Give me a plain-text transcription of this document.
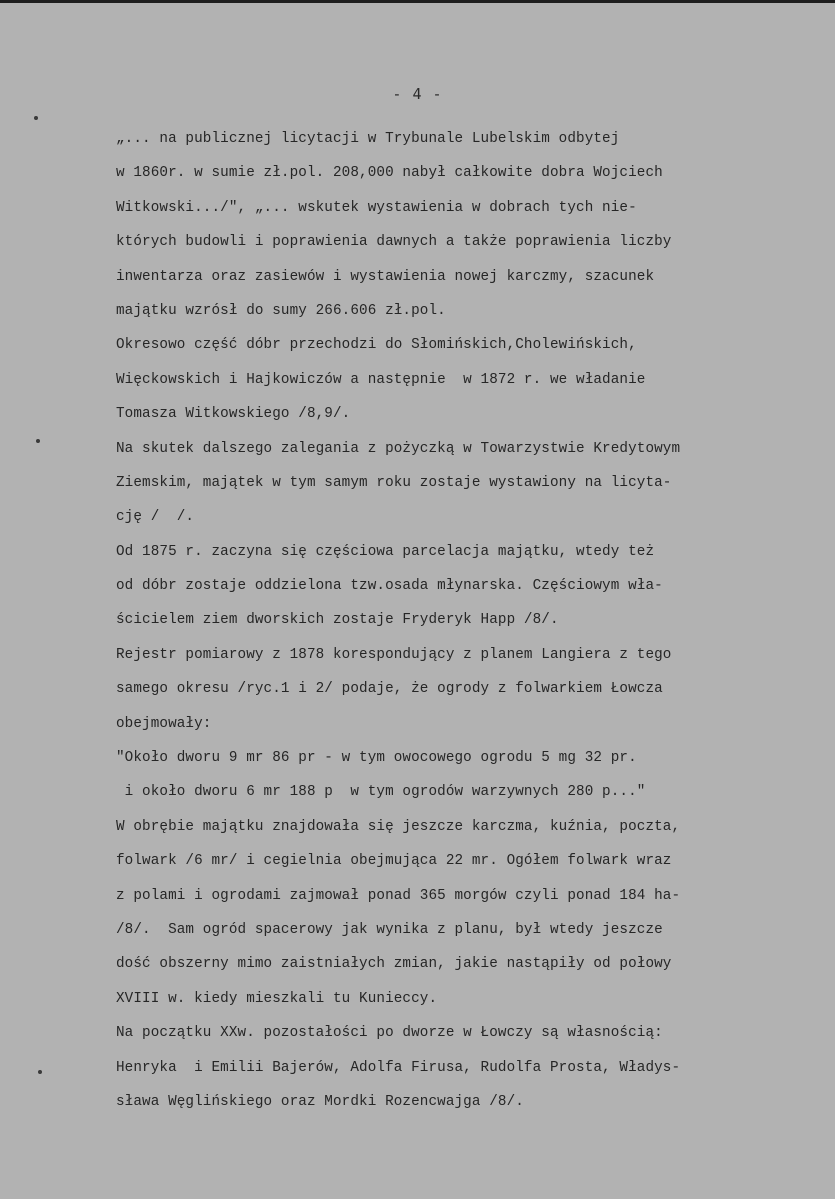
- 4 -
„... na publicznej licytacji w Trybunale Lubelskim odbytej
w 1860r. w sumie zł.pol. 208,000 nabył całkowite dobra Wojciech
Witkowski.../", „... wskutek wystawienia w dobrach tych nie-
których budowli i poprawienia dawnych a także poprawienia liczby
inwentarza oraz zasiewów i wystawienia nowej karczmy, szacunek
majątku wzrósł do sumy 266.606 zł.pol.
Okresowo część dóbr przechodzi do Słomińskich,Cholewińskich,
Więckowskich i Hajkowiczów a następnie  w 1872 r. we władanie
Tomasza Witkowskiego /8,9/.
Na skutek dalszego zalegania z pożyczką w Towarzystwie Kredytowym
Ziemskim, majątek w tym samym roku zostaje wystawiony na licyta-
cję /  /.
Od 1875 r. zaczyna się częściowa parcelacja majątku, wtedy też
od dóbr zostaje oddzielona tzw.osada młynarska. Częściowym wła-
ścicielem ziem dworskich zostaje Fryderyk Happ /8/.
Rejestr pomiarowy z 1878 korespondujący z planem Langiera z tego
samego okresu /ryc.1 i 2/ podaje, że ogrody z folwarkiem Łowcza
obejmowały:
"Około dworu 9 mr 86 pr - w tym owocowego ogrodu 5 mg 32 pr.
i około dworu 6 mr 188 p  w tym ogrodów warzywnych 280 p..."
W obrębie majątku znajdowała się jeszcze karczma, kuźnia, poczta,
folwark /6 mr/ i cegielnia obejmująca 22 mr. Ogółem folwark wraz
z polami i ogrodami zajmował ponad 365 morgów czyli ponad 184 ha-
/8/.  Sam ogród spacerowy jak wynika z planu, był wtedy jeszcze
dość obszerny mimo zaistniałych zmian, jakie nastąpiły od połowy
XVIII w. kiedy mieszkali tu Kunieccy.
Na początku XXw. pozostałości po dworze w Łowczy są własnością:
Henryka  i Emilii Bajerów, Adolfa Firusa, Rudolfa Prosta, Władys-
sława Węglińskiego oraz Mordki Rozencwajga /8/.
